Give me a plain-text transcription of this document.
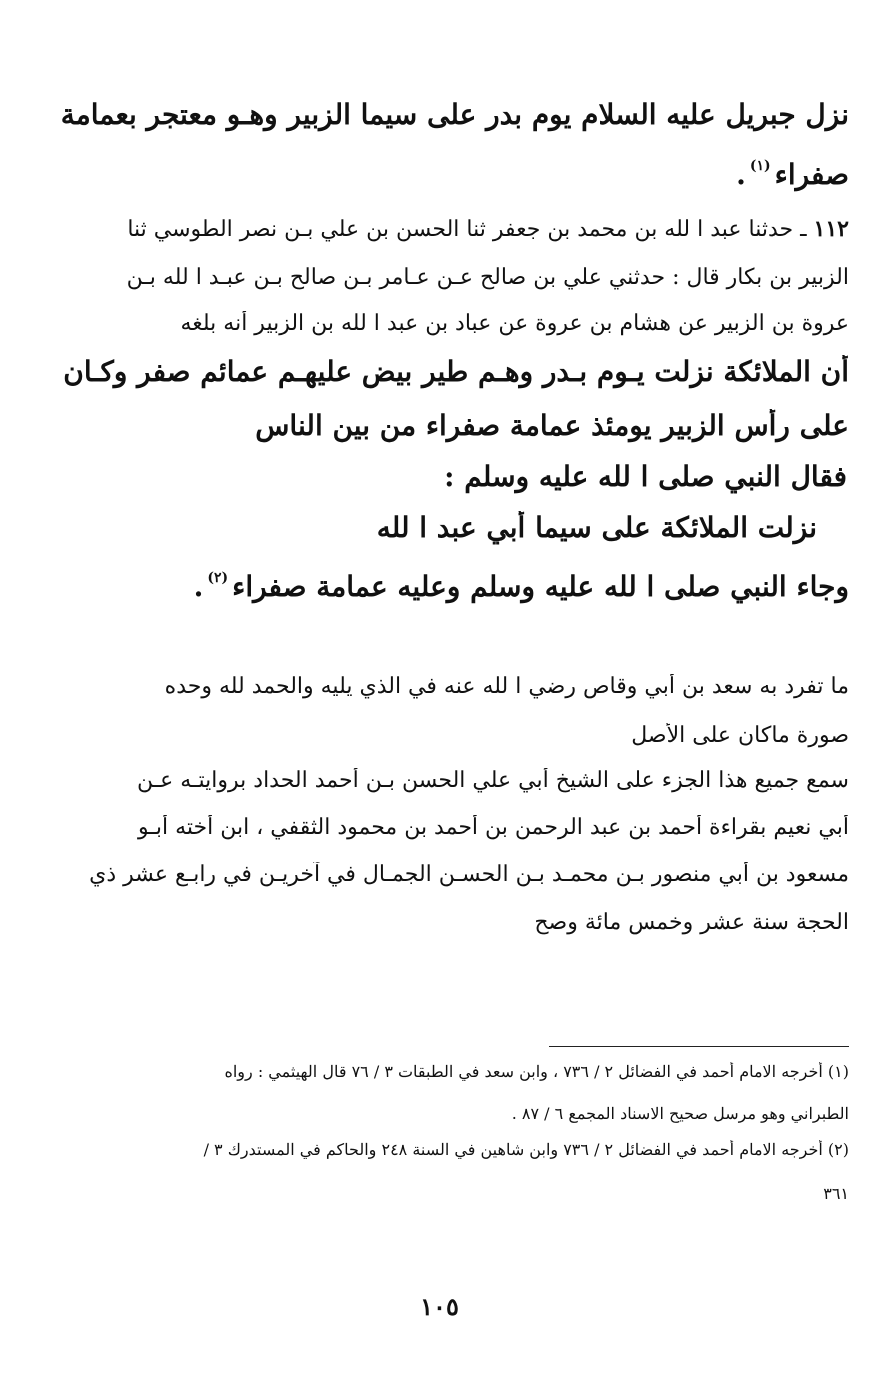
نزل جبريل عليه السلام يوم بدر على سيما الزبير وهـو معتجر بعمامة
صفراء$^{(١)}$.
١١٢ ـ حدثنا عبد ا لله بن محمد بن جعفر ثنا الحسن بن علي بـن نصر الطوسي ثنا
الزبير بن بكار قال : حدثني علي بن صالح عـن عـامر بـن صالح بـن عبـد ا لله بـن
عروة بن الزبير عن هشام بن عروة عن عباد بن عبد ا لله بن الزبير أنه بلغه
أن الملائكة نزلت يـوم بـدر وهـم طير بيض عليهـم عمائم صفر وكـان
على رأس الزبير يومئذ عمامة صفراء من بين الناس
فقال النبي صلى ا لله عليه وسلم :
نزلت الملائكة على سيما أبي عبد ا لله
وجاء النبي صلى ا لله عليه وسلم وعليه عمامة صفراء$^{(٢)}$.
ما تفرد به سعد بن أبي وقاص رضي ا لله عنه في الذي يليه والحمد لله وحده
صورة ماكان على الأصل
سمع جميع هذا الجزء على الشيخ أبي علي الحسن بـن أحمد الحداد بروايتـه عـن
أبي نعيم بقراءة أحمد بن عبد الرحمن بن أحمد بن محمود الثقفي ، ابن أخته أبـو
مسعود بن أبي منصور بـن محمـد بـن الحسـن الجمـال في آخريـن في رابـع عشر ذي
الحجة سنة عشر وخمس مائة وصح
(١) أخرجه الامام أحمد في الفضائل ٢ / ٧٣٦ ، وابن سعد في الطبقات ٣ / ٧٦ قال الهيثمي : رواه
الطبراني وهو مرسل صحيح الاسناد المجمع ٦ / ٨٧ .
(٢) أخرجه الامام أحمد في الفضائل ٢ / ٧٣٦ وابن شاهين في السنة ٢٤٨ والحاكم في المستدرك ٣ /
٣٦١
١٠٥
